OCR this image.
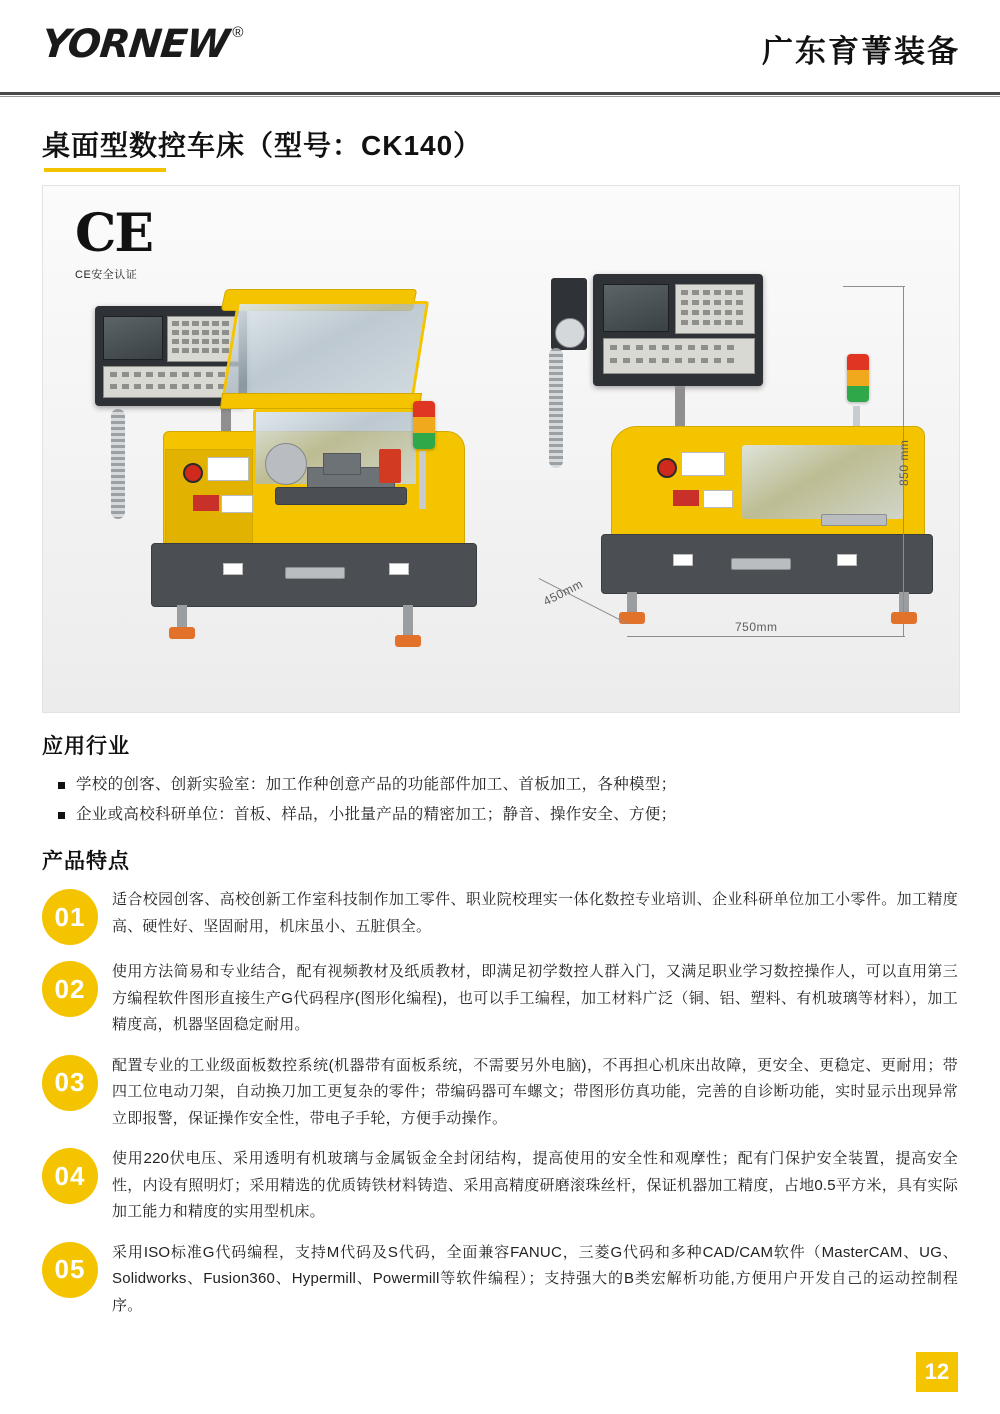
YORNEW ®
广东育菁装备
桌面型数控车床（型号：CK140）
CE
CE安全认证
850 mm
750mm
450mm
应用行业
学校的创客、创新实验室：加工作种创意产品的功能部件加工、首板加工，各种模型；
企业或高校科研单位：首板、样品，小批量产品的精密加工；静音、操作安全、方便；
产品特点
01
适合校园创客、高校创新工作室科技制作加工零件、职业院校理实一体化数控专业培训、企业科研单位加工小零件。加工精度高、硬性好、坚固耐用，机床虽小、五脏俱全。
02
使用方法简易和专业结合，配有视频教材及纸质教材，即满足初学数控人群入门，又满足职业学习数控操作人，可以直用第三方编程软件图形直接生产G代码程序(图形化编程)，也可以手工编程，加工材料广泛（铜、铝、塑料、有机玻璃等材料），加工精度高，机器坚固稳定耐用。
03
配置专业的工业级面板数控系统(机器带有面板系统，不需要另外电脑)，不再担心机床出故障，更安全、更稳定、更耐用；带四工位电动刀架，自动换刀加工更复杂的零件；带编码器可车螺文；带图形仿真功能，完善的自诊断功能，实时显示出现异常立即报警，保证操作安全性，带电子手轮，方便手动操作。
04
使用220伏电压、采用透明有机玻璃与金属钣金全封闭结构，提高使用的安全性和观摩性；配有门保护安全装置，提高安全性，内设有照明灯；采用精选的优质铸铁材料铸造、采用高精度研磨滚珠丝杆，保证机器加工精度，占地0.5平方米，具有实际加工能力和精度的实用型机床。
05
采用ISO标准G代码编程，支持M代码及S代码，全面兼容FANUC，三菱G代码和多种CAD/CAM软件（MasterCAM、UG、Solidworks、Fusion360、Hypermill、Powermill等软件编程）；支持强大的B类宏解析功能,方便用户开发自己的运动控制程序。
12
